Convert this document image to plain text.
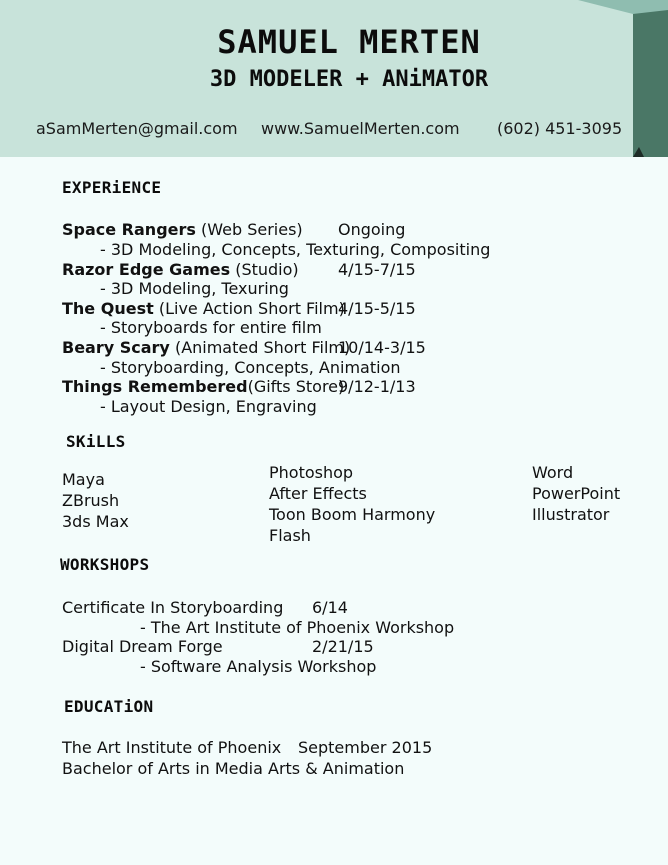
SAMUEL MERTEN
3D MODELER + ANiMATOR
aSamMerten@gmail.com www.SamuelMerten.com (602) 451-3095
EXPERiENCE
Space Rangers (Web Series) Ongoing
- 3D Modeling, Concepts, Texturing, Compositing
Razor Edge Games (Studio) 4/15-7/15
- 3D Modeling, Texuring
The Quest (Live Action Short Film)
4/15-5/15
- Storyboards for entire film
Beary Scary (Animated Short Film)
10/14-3/15
- Storyboarding, Concepts, Animation
Things Remembered(Gifts Store)
9/12-1/13
- Layout Design, Engraving
SKiLLS
Maya
ZBrush
3ds Max
Photoshop
After Effects
Toon Boom Harmony
Flash
Word
PowerPoint
Illustrator
WORKSHOPS
Certificate In Storyboarding 6/14
- The Art Institute of Phoenix Workshop
Digital Dream Forge	2/21/15
- Software Analysis Workshop
EDUCATiON
The Art Institute of Phoenix September 2015
Bachelor of Arts in Media Arts & Animation
